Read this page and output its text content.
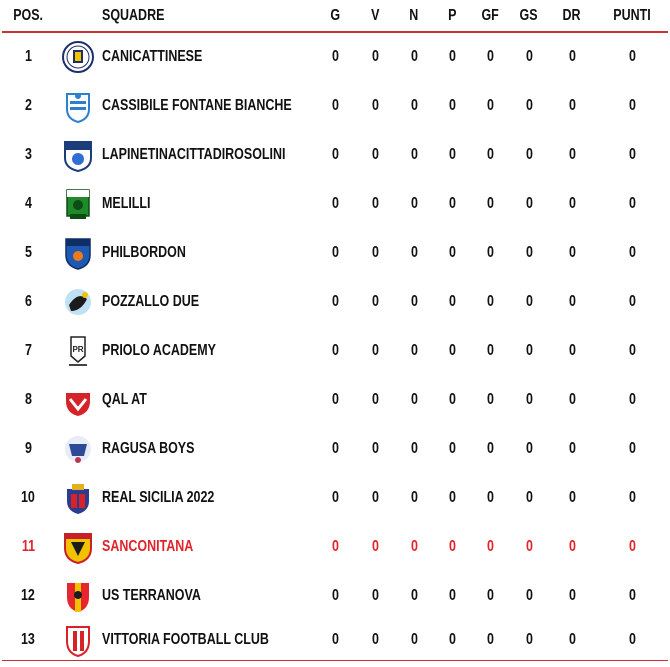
POS.		SQUADRE	G	V	N	P	GF	GS	DR	PUNTI
1		CANICATTINESE	0	0	0	0	0	0	0	0
2		CASSIBILE FONTANE BIANCHE	0	0	0	0	0	0	0	0
3		LAPINETINACITTADIROSOLINI	0	0	0	0	0	0	0	0
4		MELILLI	0	0	0	0	0	0	0	0
5		PHILBORDON	0	0	0	0	0	0	0	0
6		POZZALLO DUE	0	0	0	0	0	0	0	0
7	PR	PRIOLO ACADEMY	0	0	0	0	0	0	0	0
8		QAL AT	0	0	0	0	0	0	0	0
9		RAGUSA BOYS	0	0	0	0	0	0	0	0
10		REAL SICILIA 2022	0	0	0	0	0	0	0	0
11		SANCONITANA	0	0	0	0	0	0	0	0
12		US TERRANOVA	0	0	0	0	0	0	0	0
13		VITTORIA FOOTBALL CLUB	0	0	0	0	0	0	0	0
